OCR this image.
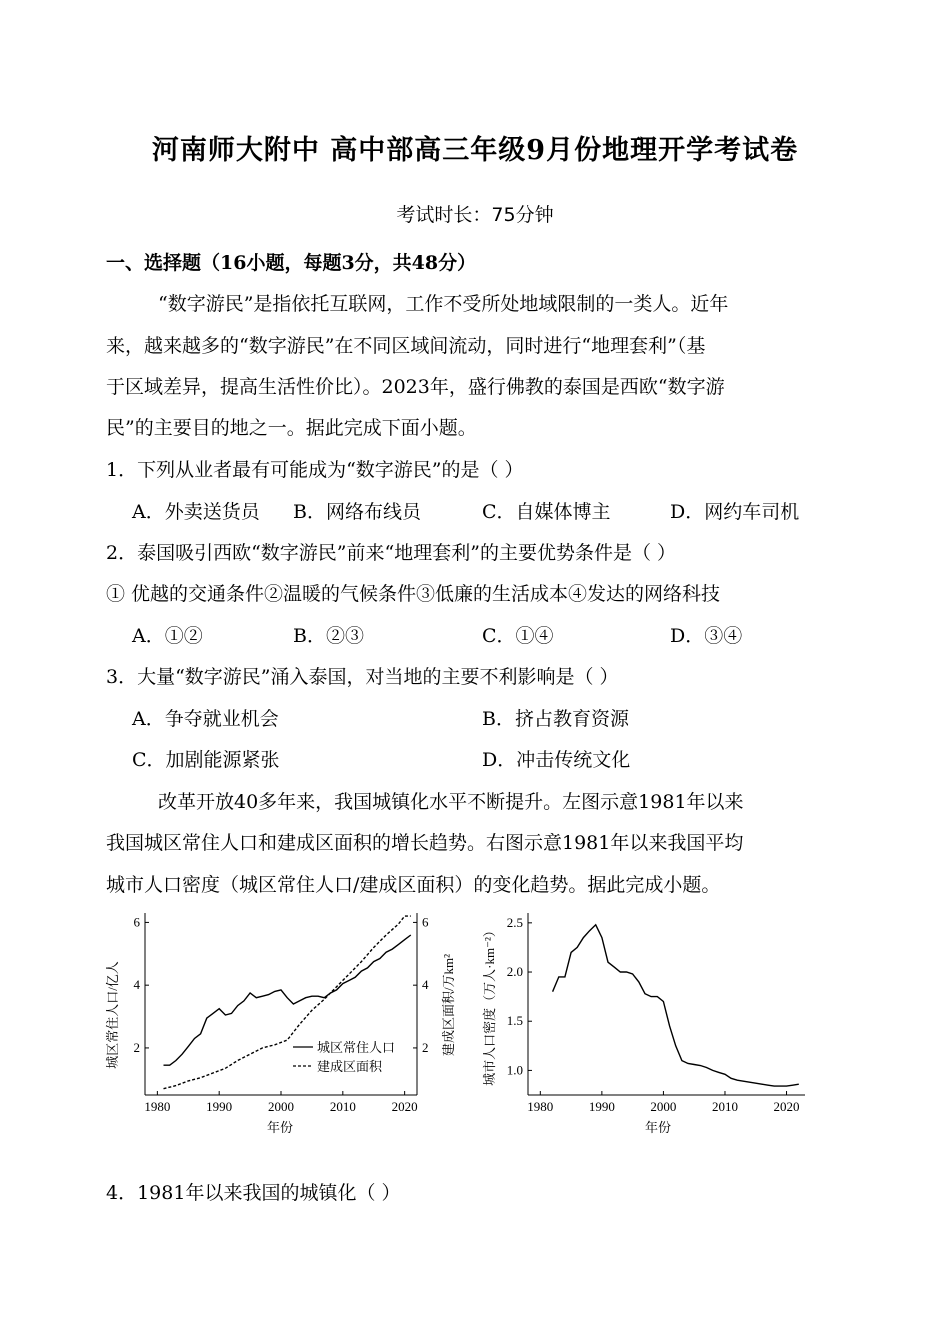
河南师大附中 高中部高三年级9月份地理开学考试卷
考试时长：75分钟
一、选择题（16小题，每题3分，共48分）
“数字游民”是指依托互联网，工作不受所处地域限制的一类人。近年
来，越来越多的“数字游民”在不同区域间流动，同时进行“地理套利”（基
于区域差异，提高生活性价比）。2023年，盛行佛教的泰国是西欧“数字游
民”的主要目的地之一。据此完成下面小题。
1．下列从业者最有可能成为“数字游民”的是（ ）
A．外卖送货员 B．网络布线员	C．自媒体博主	D．网约车司机
2．泰国吸引西欧“数字游民”前来“地理套利”的主要优势条件是（ ）
① 优越的交通条件②温暖的气候条件③低廉的生活成本④发达的网络科技
A．①②	B．②③	C．①④	D．③④
3．大量“数字游民”涌入泰国，对当地的主要不利影响是（ ）
A．争夺就业机会	B．挤占教育资源
C．加剧能源紧张	D．冲击传统文化
改革开放40多年来，我国城镇化水平不断提升。左图示意1981年以来
我国城区常住人口和建成区面积的增长趋势。右图示意1981年以来我国平均
城市人口密度（城区常住人口/建成区面积）的变化趋势。据此完成小题。
1980	1990	2000	2010	2020
2
4
6
2
4
6
城区常住人口
建成区面积
年份
城区常住人口/亿人	建成区面积/万km²
1980	1990	2000	2010	2020
1.0
1.5
2.0
2.5
年份
城市人口密度（万人·km⁻²）
4．1981年以来我国的城镇化（ ）
